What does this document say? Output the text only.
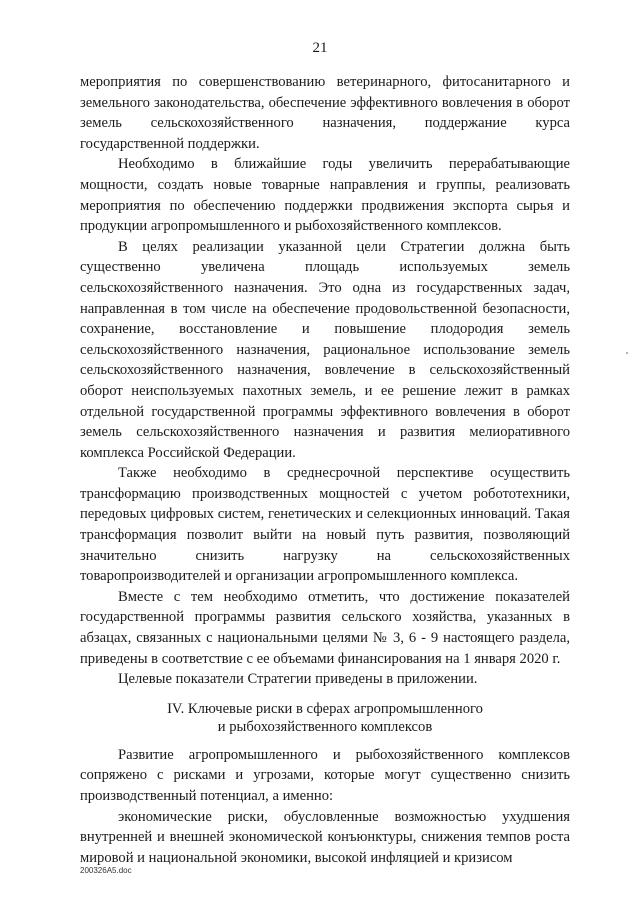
21

мероприятия по совершенствованию ветеринарного, фитосанитарного и земельного законодательства, обеспечение эффективного вовлечения в оборот земель сельскохозяйственного назначения, поддержание курса государственной поддержки.

Необходимо в ближайшие годы увеличить перерабатывающие мощности, создать новые товарные направления и группы, реализовать мероприятия по обеспечению поддержки продвижения экспорта сырья и продукции агропромышленного и рыбохозяйственного комплексов.

В целях реализации указанной цели Стратегии должна быть существенно увеличена площадь используемых земель сельскохозяйственного назначения. Это одна из государственных задач, направленная в том числе на обеспечение продовольственной безопасности, сохранение, восстановление и повышение плодородия земель сельскохозяйственного назначения, рациональное использование земель сельскохозяйственного назначения, вовлечение в сельскохозяйственный оборот неиспользуемых пахотных земель, и ее решение лежит в рамках отдельной государственной программы эффективного вовлечения в оборот земель сельскохозяйственного назначения и развития мелиоративного комплекса Российской Федерации.

Также необходимо в среднесрочной перспективе осуществить трансформацию производственных мощностей с учетом робототехники, передовых цифровых систем, генетических и селекционных инноваций. Такая трансформация позволит выйти на новый путь развития, позволяющий значительно снизить нагрузку на сельскохозяйственных товаропроизводителей и организации агропромышленного комплекса.

Вместе с тем необходимо отметить, что достижение показателей государственной программы развития сельского хозяйства, указанных в абзацах, связанных с национальными целями № 3, 6 - 9 настоящего раздела, приведены в соответствие с ее объемами финансирования на 1 января 2020 г.

Целевые показатели Стратегии приведены в приложении.

IV. Ключевые риски в сферах агропромышленного
и рыбохозяйственного комплексов

Развитие агропромышленного и рыбохозяйственного комплексов сопряжено с рисками и угрозами, которые могут существенно снизить производственный потенциал, а именно:

экономические риски, обусловленные возможностью ухудшения внутренней и внешней экономической конъюнктуры, снижения темпов роста мировой и национальной экономики, высокой инфляцией и кризисом

200326A5.doc
